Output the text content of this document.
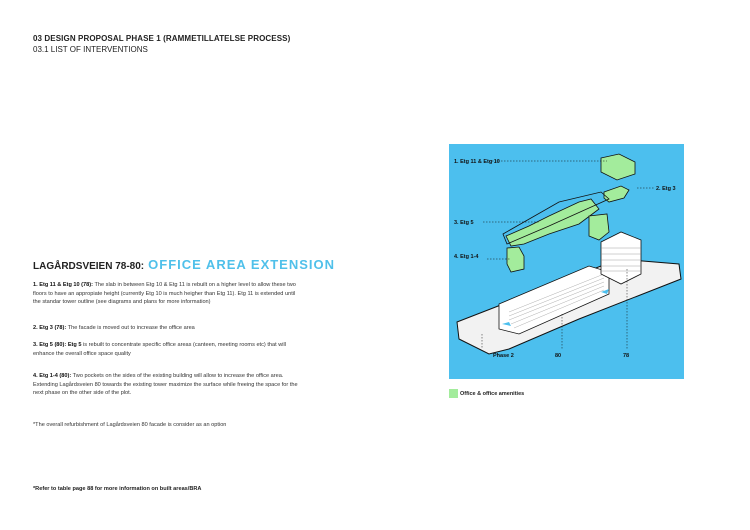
03 DESIGN PROPOSAL PHASE 1 (RAMMETILLATELSE PROCESS)
03.1 LIST OF INTERVENTIONS
LAGÅRDSVEIEN 78-80: OFFICE AREA EXTENSION
1. Etg 11 & Etg 10 (78): The slab in between Etg 10 & Etg 11 is rebuilt on a higher level to allow these two floors to have an appropiate height (currently Etg 10 is much heigher than Etg 11). Etg 11 is extended until the standar tower outline (see diagrams and plans for more information)
2. Etg 3 (78): The facade is moved out to increase the office area
3. Etg 5 (80): Etg 5 is rebuilt to concentrate specific office areas (canteen, meeting rooms etc) that will enhance the overall office space quality
4. Etg 1-4 (80): Two pockets on the sides of the existing building will allow to increase the office area. Extending Lagårdsveien 80 towards the existing tower maximize the surface while freeing the space for the next phase on the other side of the plot.
*The overall refurbishment of Lagårdsveien 80 facade is consider as an option
*Refer to table page 88 for more information on built areas/BRA
1. Etg 11 & Etg 10
2. Etg 3
3. Etg 5
4. Etg 1-4
Phase 2	80	78
Office & office amenities
